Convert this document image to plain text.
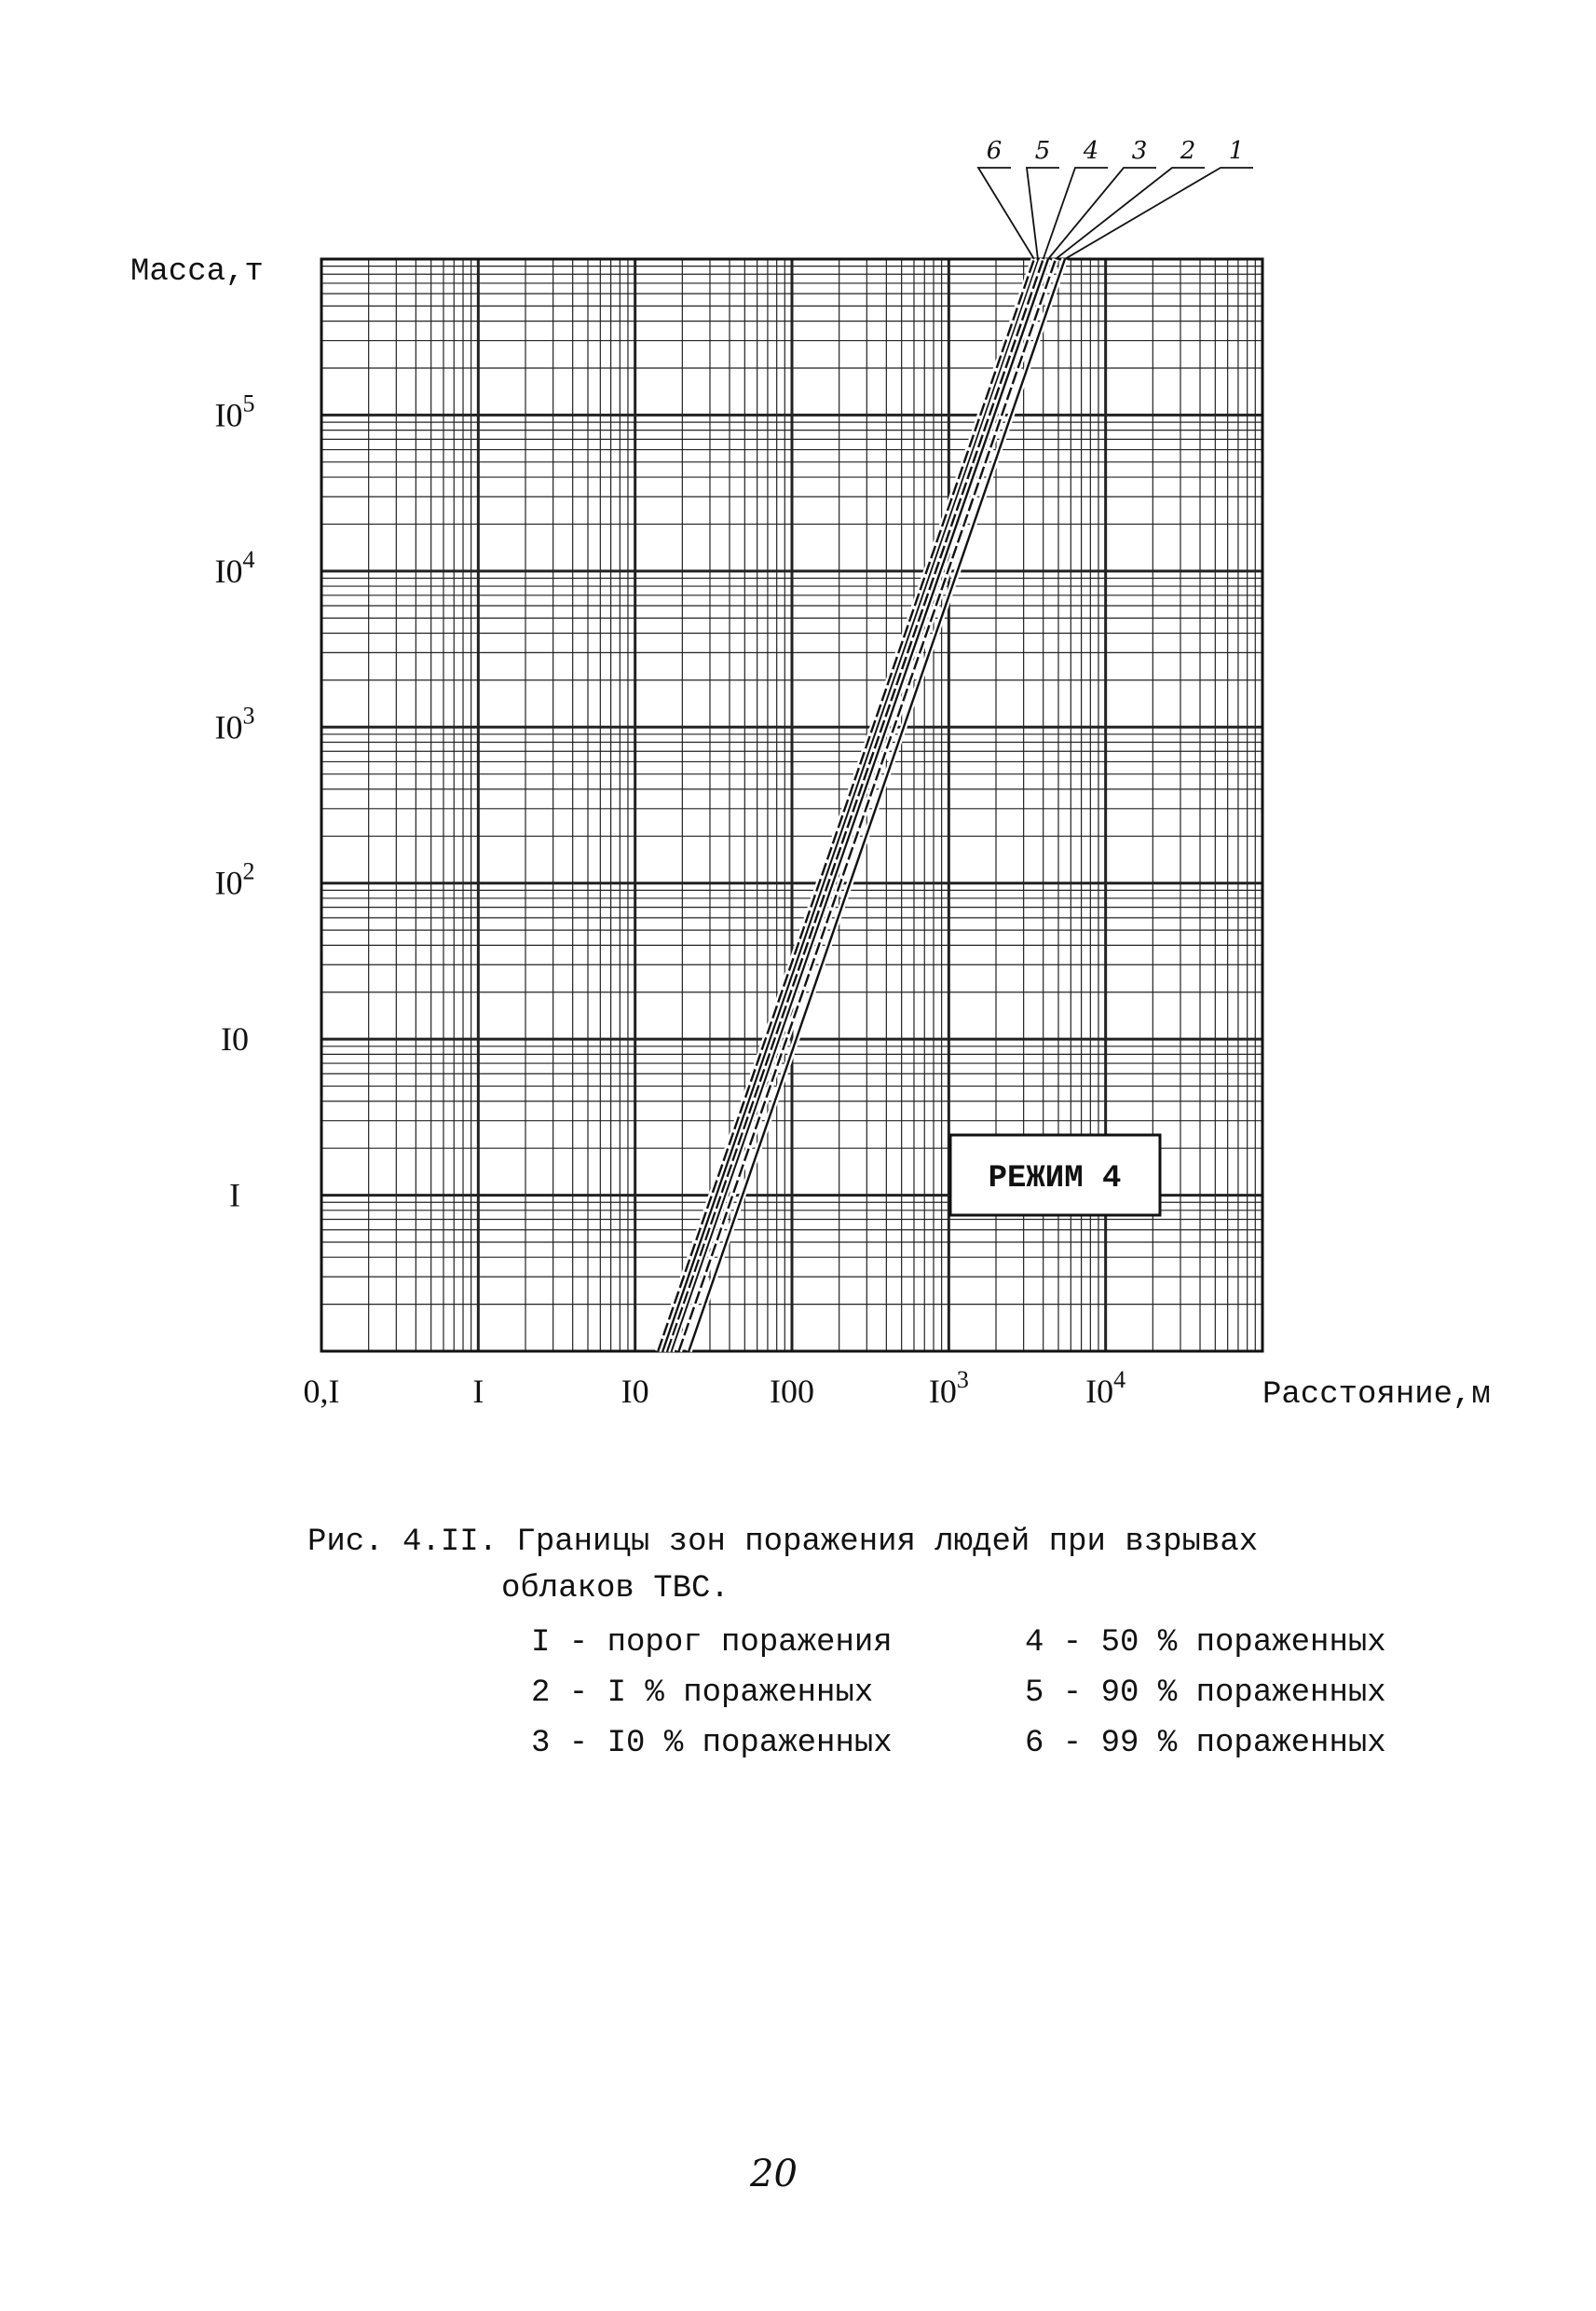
1
2
3
4
5
6
0,I	I	I0	I00	$I0^3$	$I0^4$
I
I0
$I0^2$
$I0^3$
$I0^4$
$I0^5$
Масса,т
Расстояние,м
РЕЖИМ 4
Рис. 4.II. Границы зон поражения людей при взрывах
облаков ТВС.
I - порог поражения	4 - 50 % пораженных
2 - I % пораженных	5 - 90 % пораженных
3 - I0 % пораженных	6 - 99 % пораженных
20
